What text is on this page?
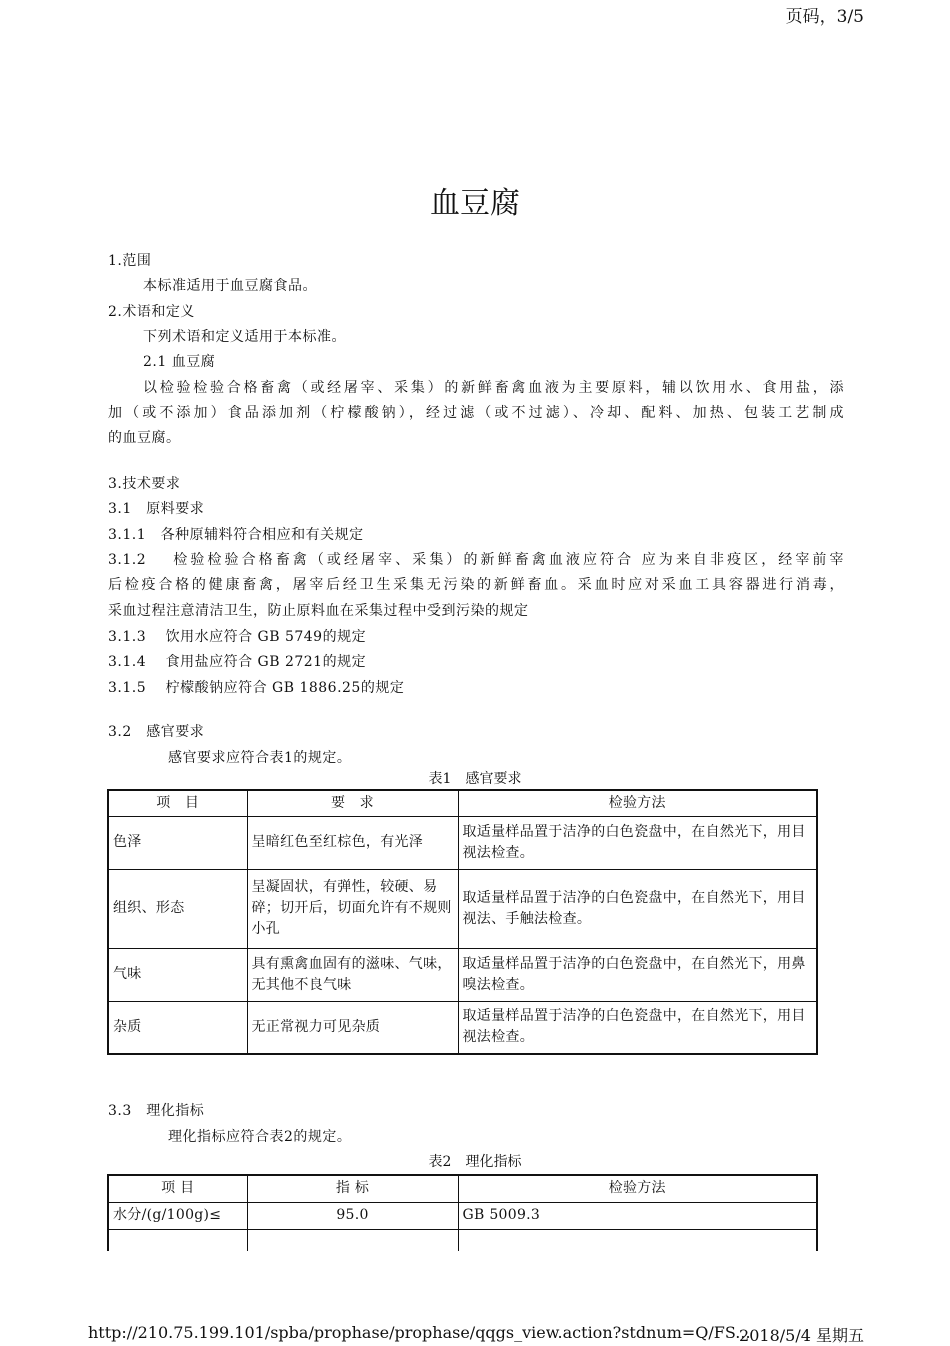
页码，3/5
血豆腐
1.范围
本标准适用于血豆腐食品。
2.术语和定义
下列术语和定义适用于本标准。
2.1 血豆腐
以检验检验合格畜禽（或经屠宰、采集）的新鲜畜禽血液为主要原料，辅以饮用水、食用盐，添
加（或不添加）食品添加剂（柠檬酸钠），经过滤（或不过滤）、冷却、配料、加热、包装工艺制成
的血豆腐。
3.技术要求
3.1　原料要求
3.1.1　各种原辅料符合相应和有关规定
3.1.2　 检验检验合格畜禽（或经屠宰、采集）的新鲜畜禽血液应符合 应为来自非疫区，经宰前宰
后检疫合格的健康畜禽，屠宰后经卫生采集无污染的新鲜畜血。采血时应对采血工具容器进行消毒，
采血过程注意清洁卫生，防止原料血在采集过程中受到污染的规定
3.1.3　 饮用水应符合 GB 5749的规定
3.1.4　 食用盐应符合 GB 2721的规定
3.1.5　 柠檬酸钠应符合 GB 1886.25的规定
3.2　感官要求
感官要求应符合表1的规定。
表1　感官要求
项　目	要　求	检验方法
色泽	呈暗红色至红棕色，有光泽	取适量样品置于洁净的白色瓷盘中，在自然光下，用目视法检查。
组织、形态	呈凝固状，有弹性，较硬、易碎；切开后，切面允许有不规则小孔	取适量样品置于洁净的白色瓷盘中，在自然光下，用目视法、手触法检查。
气味	具有熏禽血固有的滋味、气味，无其他不良气味	取适量样品置于洁净的白色瓷盘中，在自然光下，用鼻嗅法检查。
杂质	无正常视力可见杂质	取适量样品置于洁净的白色瓷盘中，在自然光下，用目视法检查。
3.3　理化指标
理化指标应符合表2的规定。
表2　理化指标
项 目	指 标	检验方法
水分/(g/100g)≤	95.0	GB 5009.3

http://210.75.199.101/spba/prophase/prophase/qqgs_view.action?stdnum=Q/FS...
2018/5/4 星期五
